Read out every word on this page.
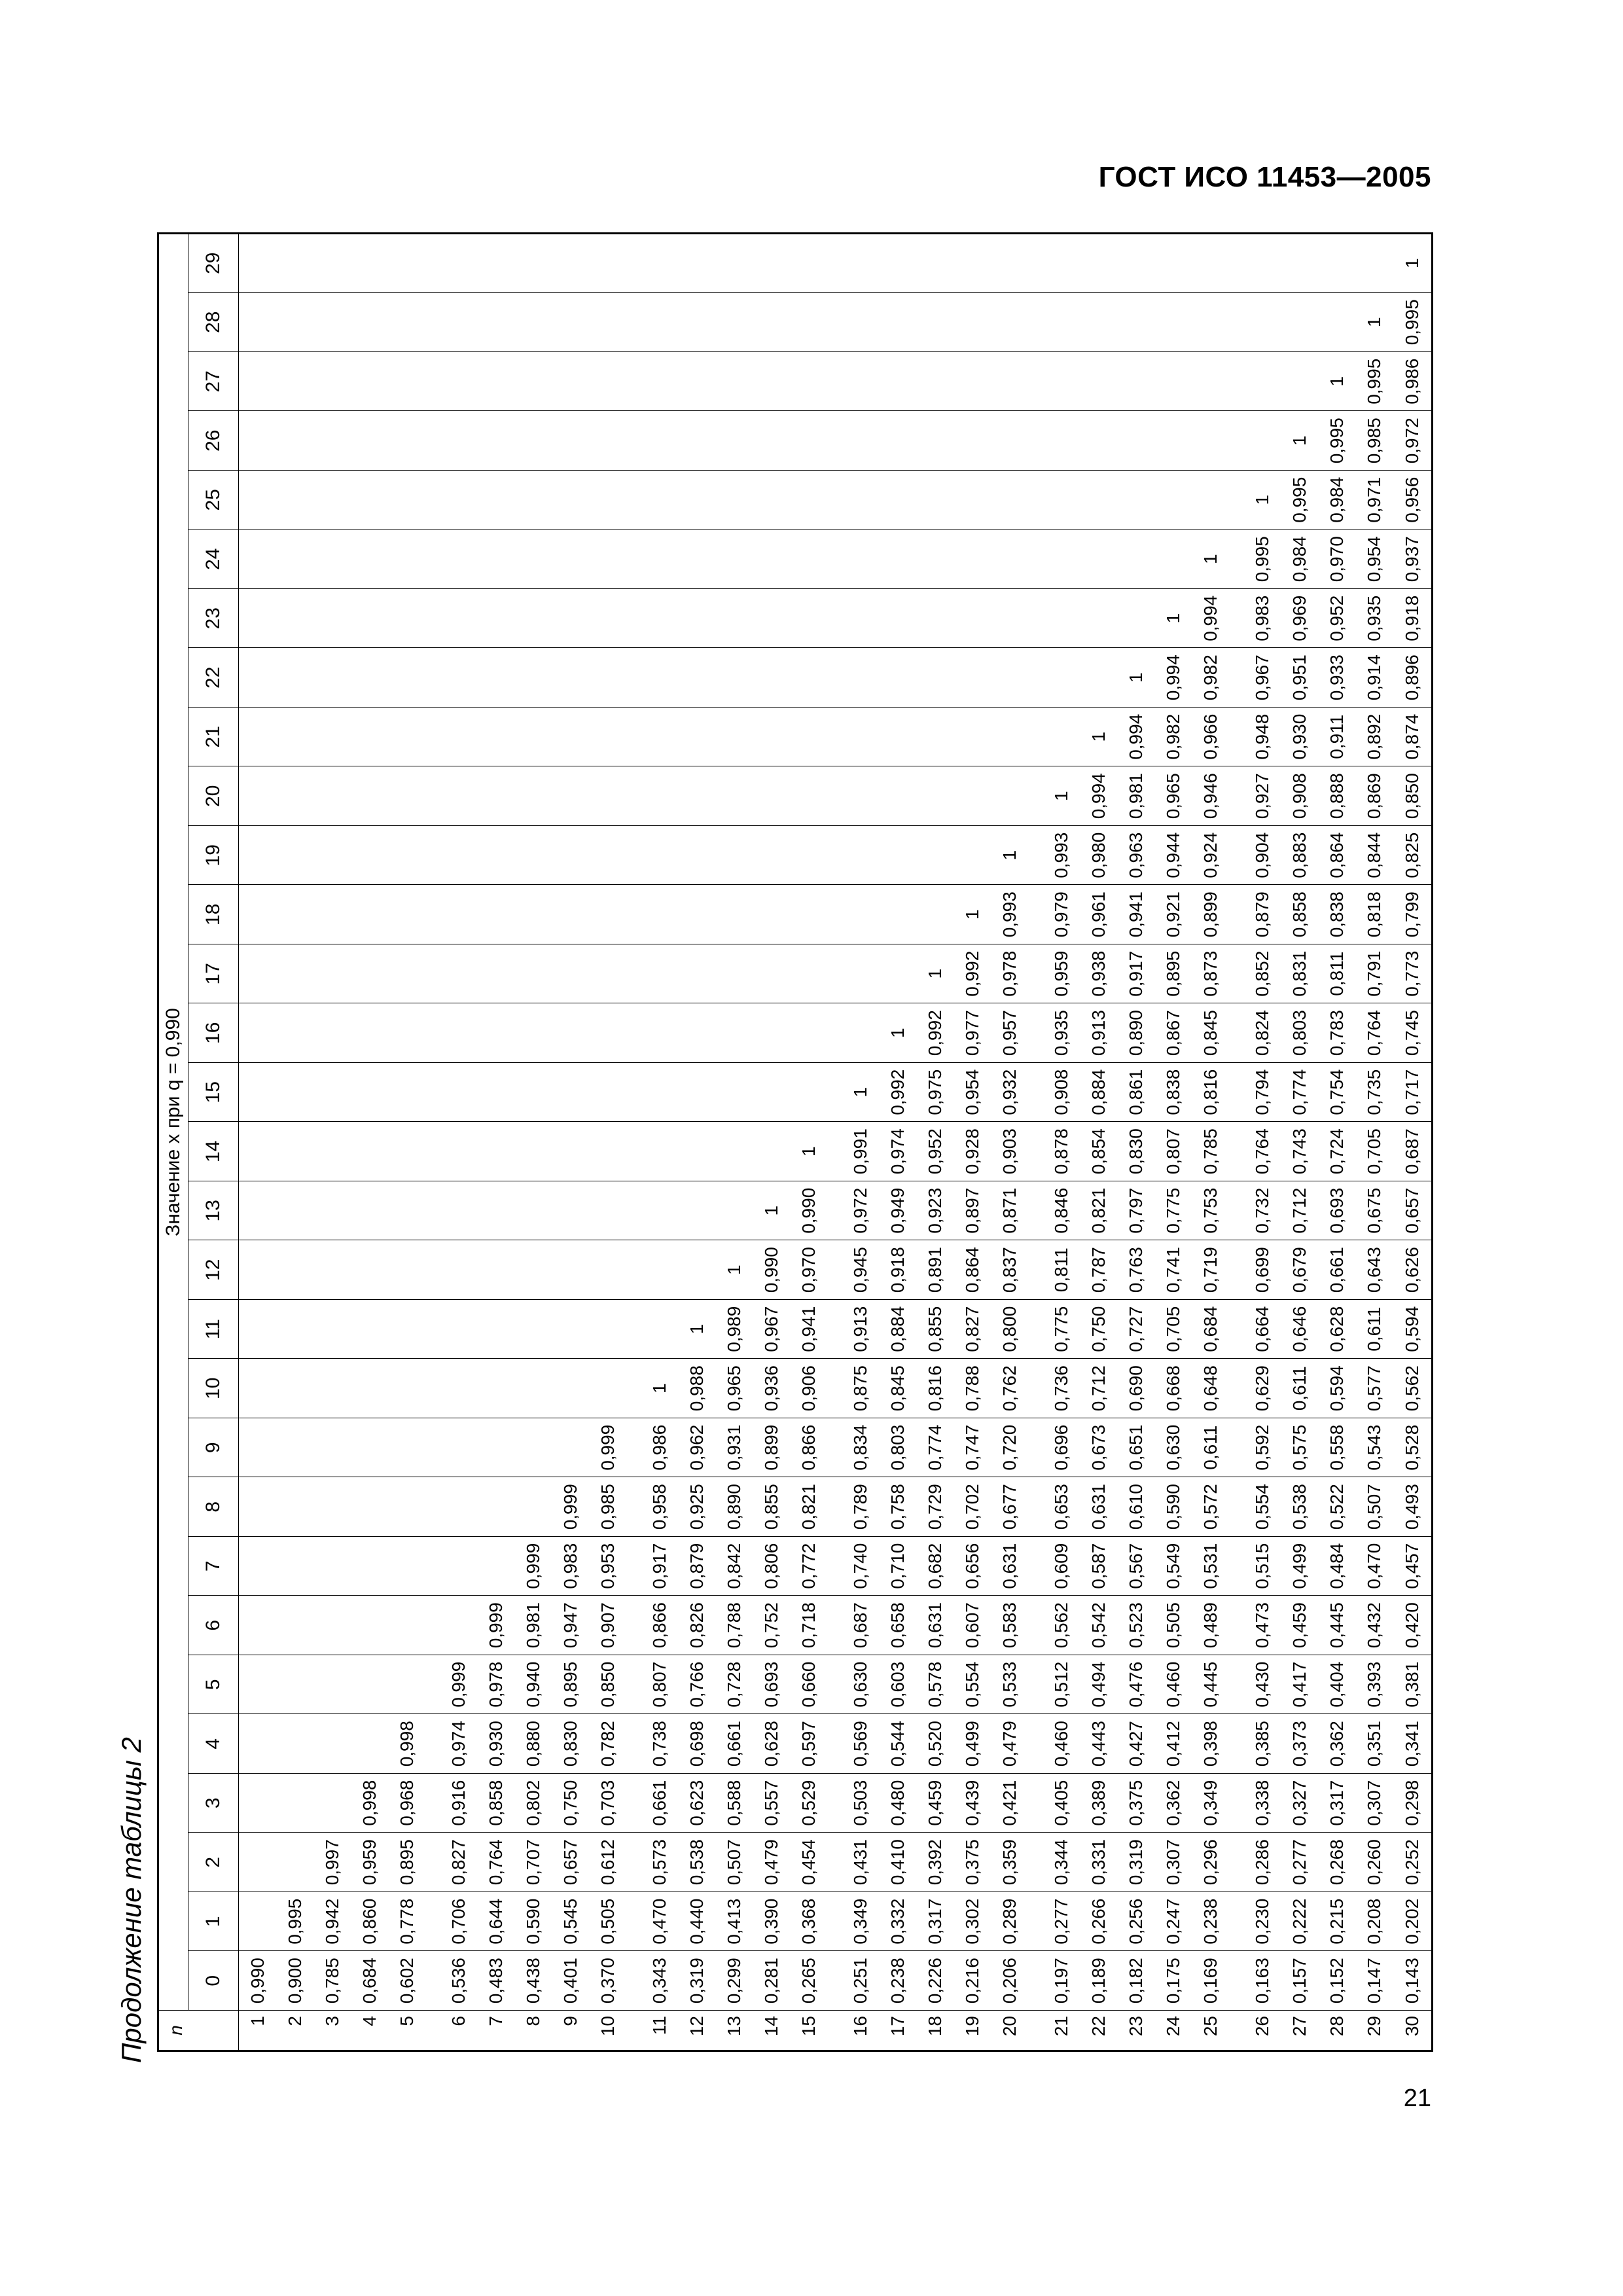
ГОСТ ИСО 11453—2005
Продолжение таблицы 2 n	Значение x при q = 0,990																													
	0	1	2	3	4	5	6	7	8	9	10	11	12	13	14	15	16	17	18	19	20	21	22	23	24	25	26	27	28	29
1	0,990																													
2	0,900	0,995																												
3	0,785	0,942	0,997																											
4	0,684	0,860	0,959	0,998																										
5	0,602	0,778	0,895	0,968	0,998																									

6	0,536	0,706	0,827	0,916	0,974	0,999																								
7	0,483	0,644	0,764	0,858	0,930	0,978	0,999																							
8	0,438	0,590	0,707	0,802	0,880	0,940	0,981	0,999																						
9	0,401	0,545	0,657	0,750	0,830	0,895	0,947	0,983	0,999																					
10	0,370	0,505	0,612	0,703	0,782	0,850	0,907	0,953	0,985	0,999																				

11	0,343	0,470	0,573	0,661	0,738	0,807	0,866	0,917	0,958	0,986	1																			
12	0,319	0,440	0,538	0,623	0,698	0,766	0,826	0,879	0,925	0,962	0,988	1																		
13	0,299	0,413	0,507	0,588	0,661	0,728	0,788	0,842	0,890	0,931	0,965	0,989	1																	
14	0,281	0,390	0,479	0,557	0,628	0,693	0,752	0,806	0,855	0,899	0,936	0,967	0,990	1																
15	0,265	0,368	0,454	0,529	0,597	0,660	0,718	0,772	0,821	0,866	0,906	0,941	0,970	0,990	1															

16	0,251	0,349	0,431	0,503	0,569	0,630	0,687	0,740	0,789	0,834	0,875	0,913	0,945	0,972	0,991	1														
17	0,238	0,332	0,410	0,480	0,544	0,603	0,658	0,710	0,758	0,803	0,845	0,884	0,918	0,949	0,974	0,992	1													
18	0,226	0,317	0,392	0,459	0,520	0,578	0,631	0,682	0,729	0,774	0,816	0,855	0,891	0,923	0,952	0,975	0,992	1												
19	0,216	0,302	0,375	0,439	0,499	0,554	0,607	0,656	0,702	0,747	0,788	0,827	0,864	0,897	0,928	0,954	0,977	0,992	1											
20	0,206	0,289	0,359	0,421	0,479	0,533	0,583	0,631	0,677	0,720	0,762	0,800	0,837	0,871	0,903	0,932	0,957	0,978	0,993	1										

21	0,197	0,277	0,344	0,405	0,460	0,512	0,562	0,609	0,653	0,696	0,736	0,775	0,811	0,846	0,878	0,908	0,935	0,959	0,979	0,993	1									
22	0,189	0,266	0,331	0,389	0,443	0,494	0,542	0,587	0,631	0,673	0,712	0,750	0,787	0,821	0,854	0,884	0,913	0,938	0,961	0,980	0,994	1								
23	0,182	0,256	0,319	0,375	0,427	0,476	0,523	0,567	0,610	0,651	0,690	0,727	0,763	0,797	0,830	0,861	0,890	0,917	0,941	0,963	0,981	0,994	1							
24	0,175	0,247	0,307	0,362	0,412	0,460	0,505	0,549	0,590	0,630	0,668	0,705	0,741	0,775	0,807	0,838	0,867	0,895	0,921	0,944	0,965	0,982	0,994	1						
25	0,169	0,238	0,296	0,349	0,398	0,445	0,489	0,531	0,572	0,611	0,648	0,684	0,719	0,753	0,785	0,816	0,845	0,873	0,899	0,924	0,946	0,966	0,982	0,994	1					

26	0,163	0,230	0,286	0,338	0,385	0,430	0,473	0,515	0,554	0,592	0,629	0,664	0,699	0,732	0,764	0,794	0,824	0,852	0,879	0,904	0,927	0,948	0,967	0,983	0,995	1				
27	0,157	0,222	0,277	0,327	0,373	0,417	0,459	0,499	0,538	0,575	0,611	0,646	0,679	0,712	0,743	0,774	0,803	0,831	0,858	0,883	0,908	0,930	0,951	0,969	0,984	0,995	1			
28	0,152	0,215	0,268	0,317	0,362	0,404	0,445	0,484	0,522	0,558	0,594	0,628	0,661	0,693	0,724	0,754	0,783	0,811	0,838	0,864	0,888	0,911	0,933	0,952	0,970	0,984	0,995	1		
29	0,147	0,208	0,260	0,307	0,351	0,393	0,432	0,470	0,507	0,543	0,577	0,611	0,643	0,675	0,705	0,735	0,764	0,791	0,818	0,844	0,869	0,892	0,914	0,935	0,954	0,971	0,985	0,995	1	
30	0,143	0,202	0,252	0,298	0,341	0,381	0,420	0,457	0,493	0,528	0,562	0,594	0,626	0,657	0,687	0,717	0,745	0,773	0,799	0,825	0,850	0,874	0,896	0,918	0,937	0,956	0,972	0,986	0,995	1
21
